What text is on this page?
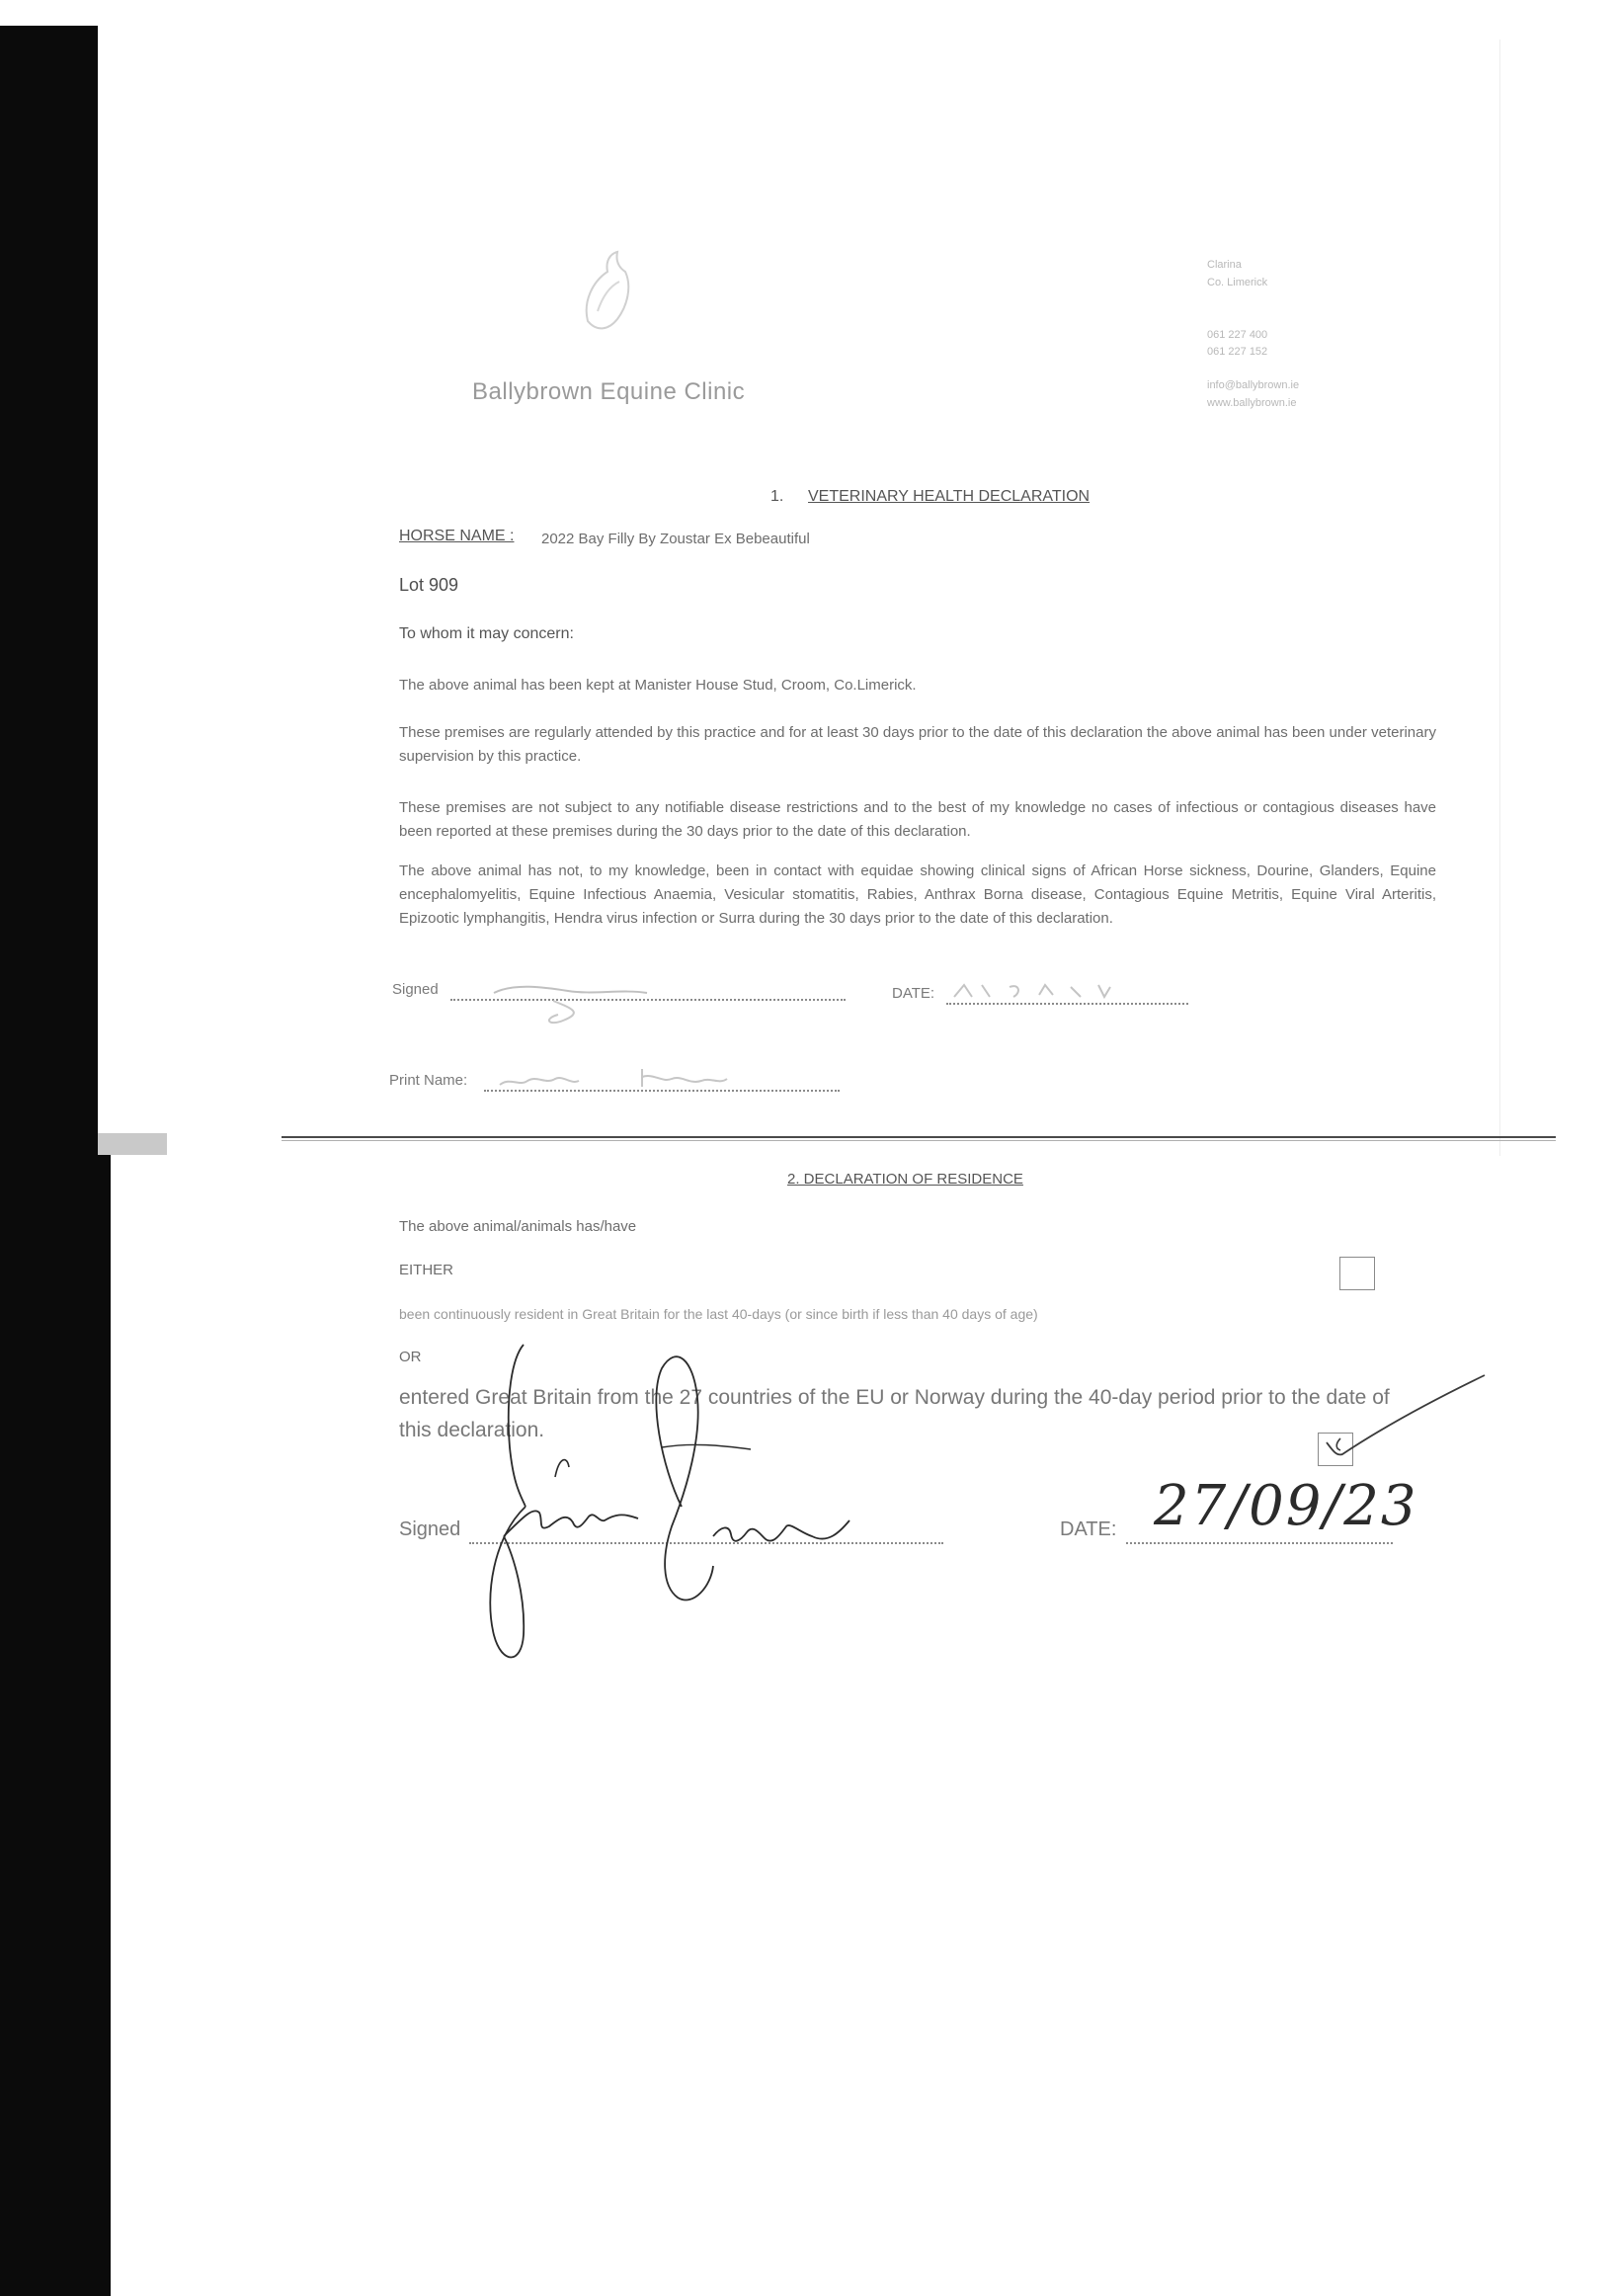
Ballybrown Equine Clinic
Clarina
Co. Limerick
061 227 400
061 227 152
info@ballybrown.ie
www.ballybrown.ie
1. VETERINARY HEALTH DECLARATION
HORSE NAME : 2022 Bay Filly By Zoustar Ex Bebeautiful
Lot 909
To whom it may concern:
The above animal has been kept at Manister House Stud, Croom, Co.Limerick.
These premises are regularly attended by this practice and for at least 30 days prior to the date of this declaration the above animal has been under veterinary supervision by this practice.
These premises are not subject to any notifiable disease restrictions and to the best of my knowledge no cases of infectious or contagious diseases have been reported at these premises during the 30 days prior to the date of this declaration.
The above animal has not, to my knowledge, been in contact with equidae showing clinical signs of African Horse sickness, Dourine, Glanders, Equine encephalomyelitis, Equine Infectious Anaemia, Vesicular stomatitis, Rabies, Anthrax Borna disease, Contagious Equine Metritis, Equine Viral Arteritis, Epizootic lymphangitis, Hendra virus infection or Surra during the 30 days prior to the date of this declaration.
Signed	DATE:
Print Name:
2. DECLARATION OF RESIDENCE
The above animal/animals has/have
EITHER
been continuously resident in Great Britain for the last 40-days (or since birth if less than 40 days of age)
OR
entered Great Britain from the 27 countries of the EU or Norway during the 40-day period prior to the date of this declaration.
Signed	DATE: 27/09/23
